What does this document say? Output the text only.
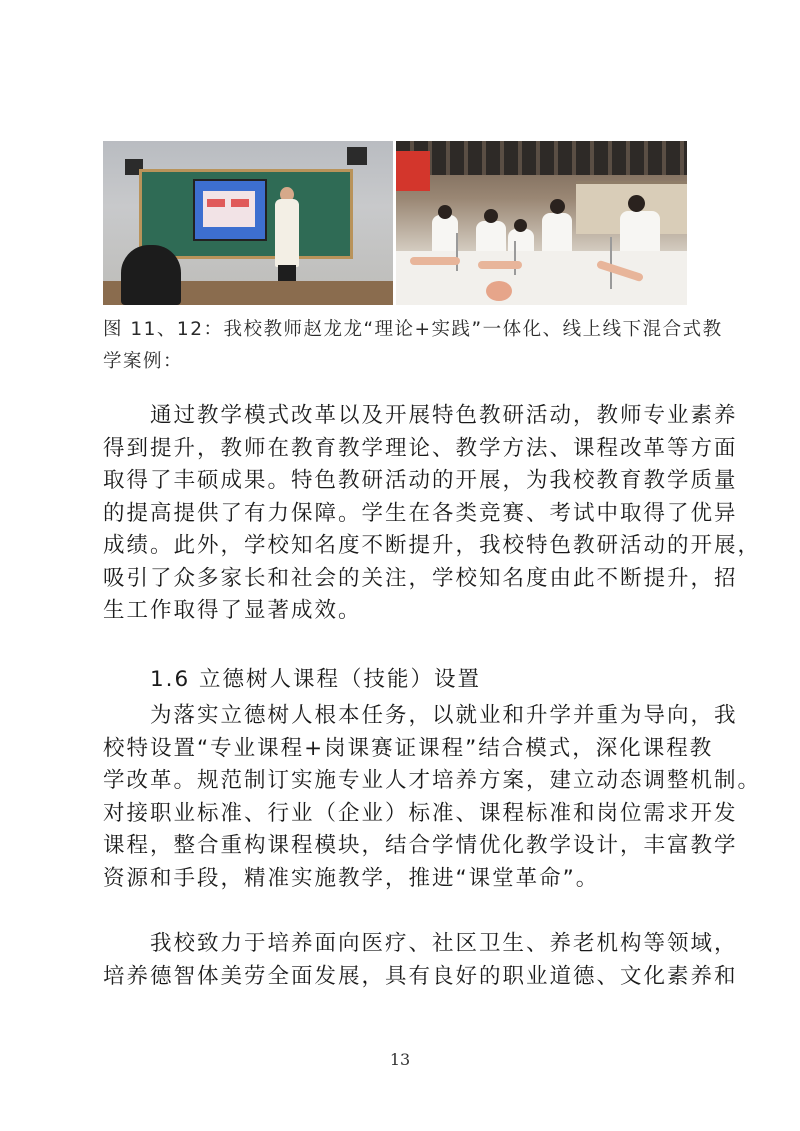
图 11、12：我校教师赵龙龙“理论+实践”一体化、线上线下混合式教
学案例：
　　通过教学模式改革以及开展特色教研活动，教师专业素养
得到提升，教师在教育教学理论、教学方法、课程改革等方面
取得了丰硕成果。特色教研活动的开展，为我校教育教学质量
的提高提供了有力保障。学生在各类竞赛、考试中取得了优异
成绩。此外，学校知名度不断提升，我校特色教研活动的开展，
吸引了众多家长和社会的关注，学校知名度由此不断提升，招
生工作取得了显著成效。
1.6 立德树人课程（技能）设置
　　为落实立德树人根本任务，以就业和升学并重为导向，我
校特设置“专业课程+岗课赛证课程”结合模式，深化课程教
学改革。规范制订实施专业人才培养方案，建立动态调整机制。
对接职业标准、行业（企业）标准、课程标准和岗位需求开发
课程，整合重构课程模块，结合学情优化教学设计，丰富教学
资源和手段，精准实施教学，推进“课堂革命”。
　　我校致力于培养面向医疗、社区卫生、养老机构等领域，
培养德智体美劳全面发展，具有良好的职业道德、文化素养和
13
